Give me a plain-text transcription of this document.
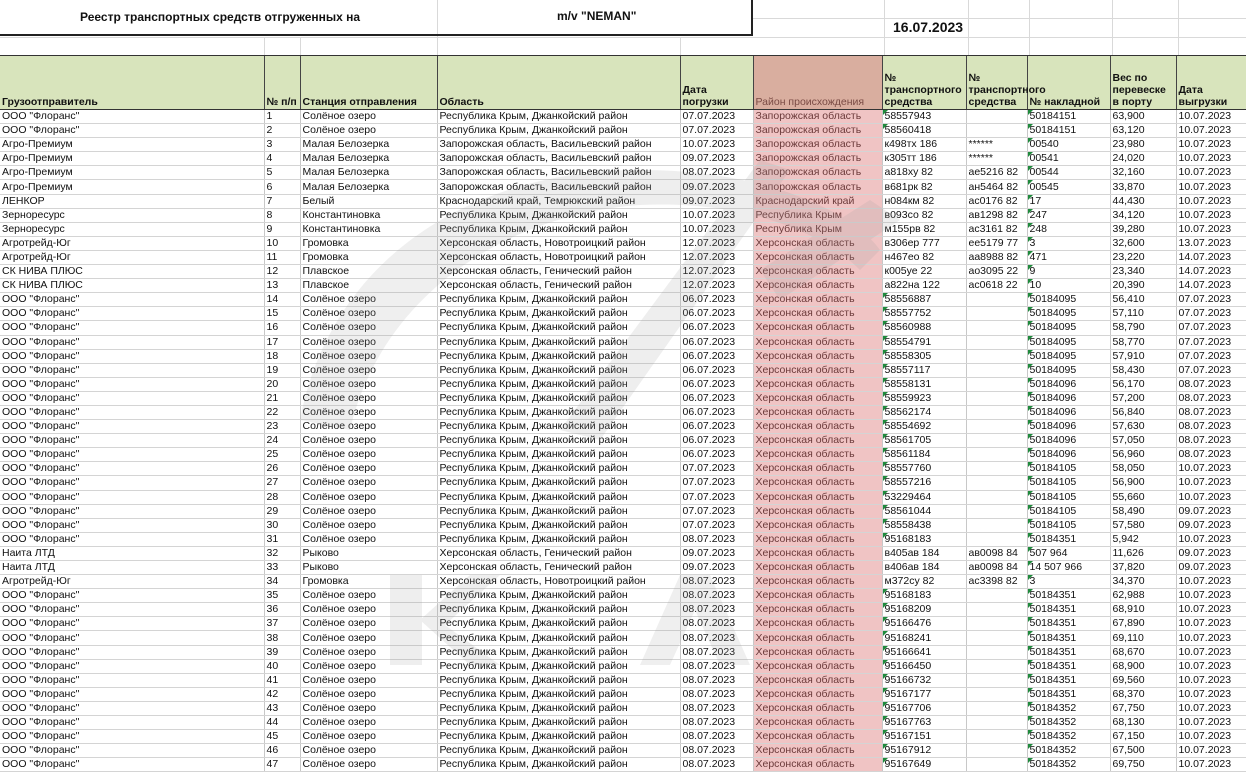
Реестр транспортных средств отгруженных на	m/v "NEMAN"
16.07.2023
Грузоотправитель	№ п/п	Станция отправления	Область	Дата погрузки	Район происхождения	№ транспортного средства	№ транспортного средства	№ накладной	Вес по перевеске в порту	Дата выгрузки
ООО "Флоранс"	1	Солёное озеро	Республика Крым, Джанкойский район	07.07.2023	Запорожская область	58557943		50184151	63,900	10.07.2023
ООО "Флоранс"	2	Солёное озеро	Республика Крым, Джанкойский район	07.07.2023	Запорожская область	58560418		50184151	63,120	10.07.2023
Агро-Премиум	3	Малая Белозерка	Запорожская область, Васильевский район	10.07.2023	Запорожская область	к498тх 186	******	00540	23,980	10.07.2023
Агро-Премиум	4	Малая Белозерка	Запорожская область, Васильевский район	09.07.2023	Запорожская область	к305тт 186	******	00541	24,020	10.07.2023
Агро-Премиум	5	Малая Белозерка	Запорожская область, Васильевский район	08.07.2023	Запорожская область	а818ху 82	ае5216 82	00544	32,160	10.07.2023
Агро-Премиум	6	Малая Белозерка	Запорожская область, Васильевский район	09.07.2023	Запорожская область	в681рк 82	ан5464 82	00545	33,870	10.07.2023
ЛЕНКОР	7	Белый	Краснодарский край, Темрюкский район	09.07.2023	Краснодарский край	н084км 82	ас0176 82	17	44,430	10.07.2023
Зерноресурс	8	Константиновка	Республика Крым, Джанкойский район	10.07.2023	Республика Крым	в093со 82	ав1298 82	247	34,120	10.07.2023
Зерноресурс	9	Константиновка	Республика Крым, Джанкойский район	10.07.2023	Республика Крым	м155рв 82	ас3161 82	248	39,280	10.07.2023
Агротрейд-Юг	10	Громовка	Херсонская область, Новотроицкий район	12.07.2023	Херсонская область	в306ер 777	ее5179 77	3	32,600	13.07.2023
Агротрейд-Юг	11	Громовка	Херсонская область, Новотроицкий район	12.07.2023	Херсонская область	н467ео 82	аа8988 82	471	23,220	14.07.2023
СК НИВА ПЛЮС	12	Плавское	Херсонская область, Генический район	12.07.2023	Херсонская область	к005уе 22	ао3095 22	9	23,340	14.07.2023
СК НИВА ПЛЮС	13	Плавское	Херсонская область, Генический район	12.07.2023	Херсонская область	а822на 122	ас0618 22	10	20,390	14.07.2023
ООО "Флоранс"	14	Солёное озеро	Республика Крым, Джанкойский район	06.07.2023	Херсонская область	58556887		50184095	56,410	07.07.2023
ООО "Флоранс"	15	Солёное озеро	Республика Крым, Джанкойский район	06.07.2023	Херсонская область	58557752		50184095	57,110	07.07.2023
ООО "Флоранс"	16	Солёное озеро	Республика Крым, Джанкойский район	06.07.2023	Херсонская область	58560988		50184095	58,790	07.07.2023
ООО "Флоранс"	17	Солёное озеро	Республика Крым, Джанкойский район	06.07.2023	Херсонская область	58554791		50184095	58,770	07.07.2023
ООО "Флоранс"	18	Солёное озеро	Республика Крым, Джанкойский район	06.07.2023	Херсонская область	58558305		50184095	57,910	07.07.2023
ООО "Флоранс"	19	Солёное озеро	Республика Крым, Джанкойский район	06.07.2023	Херсонская область	58557117		50184095	58,430	07.07.2023
ООО "Флоранс"	20	Солёное озеро	Республика Крым, Джанкойский район	06.07.2023	Херсонская область	58558131		50184096	56,170	08.07.2023
ООО "Флоранс"	21	Солёное озеро	Республика Крым, Джанкойский район	06.07.2023	Херсонская область	58559923		50184096	57,200	08.07.2023
ООО "Флоранс"	22	Солёное озеро	Республика Крым, Джанкойский район	06.07.2023	Херсонская область	58562174		50184096	56,840	08.07.2023
ООО "Флоранс"	23	Солёное озеро	Республика Крым, Джанкойский район	06.07.2023	Херсонская область	58554692		50184096	57,630	08.07.2023
ООО "Флоранс"	24	Солёное озеро	Республика Крым, Джанкойский район	06.07.2023	Херсонская область	58561705		50184096	57,050	08.07.2023
ООО "Флоранс"	25	Солёное озеро	Республика Крым, Джанкойский район	06.07.2023	Херсонская область	58561184		50184096	56,960	08.07.2023
ООО "Флоранс"	26	Солёное озеро	Республика Крым, Джанкойский район	07.07.2023	Херсонская область	58557760		50184105	58,050	10.07.2023
ООО "Флоранс"	27	Солёное озеро	Республика Крым, Джанкойский район	07.07.2023	Херсонская область	58557216		50184105	56,900	10.07.2023
ООО "Флоранс"	28	Солёное озеро	Республика Крым, Джанкойский район	07.07.2023	Херсонская область	53229464		50184105	55,660	10.07.2023
ООО "Флоранс"	29	Солёное озеро	Республика Крым, Джанкойский район	07.07.2023	Херсонская область	58561044		50184105	58,490	09.07.2023
ООО "Флоранс"	30	Солёное озеро	Республика Крым, Джанкойский район	07.07.2023	Херсонская область	58558438		50184105	57,580	09.07.2023
ООО "Флоранс"	31	Солёное озеро	Республика Крым, Джанкойский район	08.07.2023	Херсонская область	95168183		50184351	5,942	10.07.2023
Наита ЛТД	32	Рыково	Херсонская область, Генический район	09.07.2023	Херсонская область	в405ав 184	ав0098 84	507 964	11,626	09.07.2023
Наита ЛТД	33	Рыково	Херсонская область, Генический район	09.07.2023	Херсонская область	в406ав 184	ав0098 84	14 507 966	37,820	09.07.2023
Агротрейд-Юг	34	Громовка	Херсонская область, Новотроицкий район	08.07.2023	Херсонская область	м372су 82	ас3398 82	3	34,370	10.07.2023
ООО "Флоранс"	35	Солёное озеро	Республика Крым, Джанкойский район	08.07.2023	Херсонская область	95168183		50184351	62,988	10.07.2023
ООО "Флоранс"	36	Солёное озеро	Республика Крым, Джанкойский район	08.07.2023	Херсонская область	95168209		50184351	68,910	10.07.2023
ООО "Флоранс"	37	Солёное озеро	Республика Крым, Джанкойский район	08.07.2023	Херсонская область	95166476		50184351	67,890	10.07.2023
ООО "Флоранс"	38	Солёное озеро	Республика Крым, Джанкойский район	08.07.2023	Херсонская область	95168241		50184351	69,110	10.07.2023
ООО "Флоранс"	39	Солёное озеро	Республика Крым, Джанкойский район	08.07.2023	Херсонская область	95166641		50184351	68,670	10.07.2023
ООО "Флоранс"	40	Солёное озеро	Республика Крым, Джанкойский район	08.07.2023	Херсонская область	95166450		50184351	68,900	10.07.2023
ООО "Флоранс"	41	Солёное озеро	Республика Крым, Джанкойский район	08.07.2023	Херсонская область	95166732		50184351	69,560	10.07.2023
ООО "Флоранс"	42	Солёное озеро	Республика Крым, Джанкойский район	08.07.2023	Херсонская область	95167177		50184351	68,370	10.07.2023
ООО "Флоранс"	43	Солёное озеро	Республика Крым, Джанкойский район	08.07.2023	Херсонская область	95167706		50184352	67,750	10.07.2023
ООО "Флоранс"	44	Солёное озеро	Республика Крым, Джанкойский район	08.07.2023	Херсонская область	95167763		50184352	68,130	10.07.2023
ООО "Флоранс"	45	Солёное озеро	Республика Крым, Джанкойский район	08.07.2023	Херсонская область	95167151		50184352	67,150	10.07.2023
ООО "Флоранс"	46	Солёное озеро	Республика Крым, Джанкойский район	08.07.2023	Херсонская область	95167912		50184352	67,500	10.07.2023
ООО "Флоранс"	47	Солёное озеро	Республика Крым, Джанкойский район	08.07.2023	Херсонская область	95167649		50184352	69,750	10.07.2023
